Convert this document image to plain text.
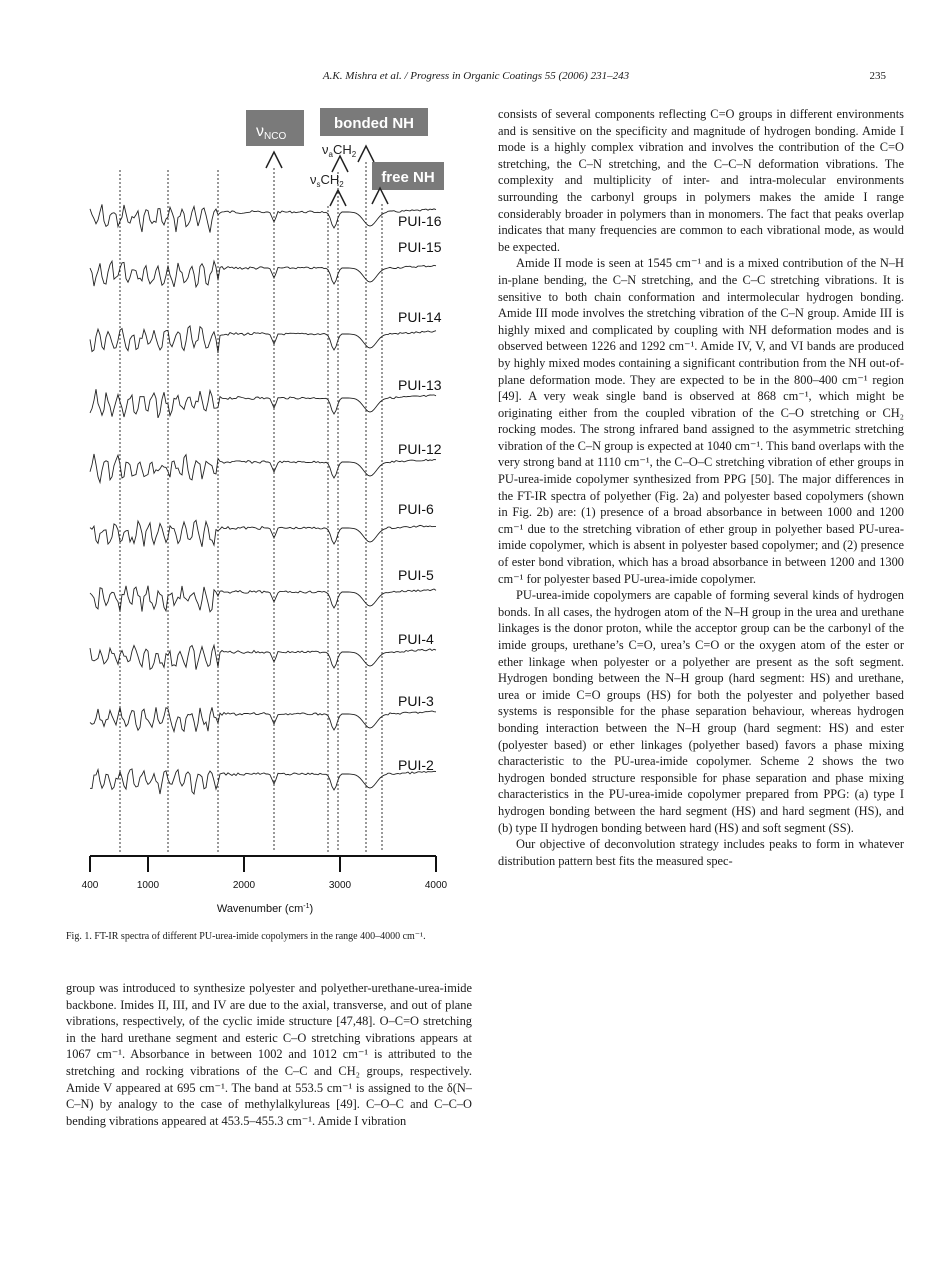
A.K. Mishra et al. / Progress in Organic Coatings 55 (2006) 231–243	235
νNCO
bonded NH
free NH
$\nu_aCH_2$
$\nu_sCH_2$
PUI-16
PUI-15
PUI-14
PUI-13
PUI-12
PUI-6
PUI-5
PUI-4
PUI-3
PUI-2
400	1000	2000	3000	4000
Wavenumber $(cm^{-1})$
Fig. 1. FT-IR spectra of different PU-urea-imide copolymers in the range 400–4000 cm⁻¹.

group was introduced to synthesize polyester and polyether-urethane-urea-imide backbone. Imides II, III, and IV are due to the axial, transverse, and out of plane vibrations, respectively, of the cyclic imide structure [47,48]. O–C=O stretching in the hard urethane segment and esteric C–O stretching vibrations appears at 1067 cm⁻¹. Absorbance in between 1002 and 1012 cm⁻¹ is attributed to the stretching and rocking vibrations of the C–C and CH₂ groups, respectively. Amide V appeared at 695 cm⁻¹. The band at 553.5 cm⁻¹ is assigned to the δ(N–C–N) by analogy to the case of methylalkylureas [49]. C–O–C and C–C–O bending vibrations appeared at 453.5–455.3 cm⁻¹. Amide I vibration

consists of several components reflecting C=O groups in different environments and is sensitive on the specificity and magnitude of hydrogen bonding. Amide I mode is a highly complex vibration and involves the contribution of the C=O stretching, the C–N stretching, and the C–C–N deformation vibrations. The complexity and multiplicity of inter- and intra-molecular environments surrounding the carbonyl groups in polymers makes the amide I range considerably broader in polymers than in monomers. The fact that peaks overlap indicates that many frequencies are common to each vibrational mode, as would be expected.

Amide II mode is seen at 1545 cm⁻¹ and is a mixed contribution of the N–H in-plane bending, the C–N stretching, and the C–C stretching vibrations. It is sensitive to both chain conformation and intermolecular hydrogen bonding. Amide III mode involves the stretching vibration of the C–N group. Amide III is highly mixed and complicated by coupling with NH deformation modes and is observed between 1226 and 1292 cm⁻¹. Amide IV, V, and VI bands are produced by highly mixed modes containing a significant contribution from the NH out-of-plane deformation mode. They are expected to be in the 800–400 cm⁻¹ region [49]. A very weak single band is observed at 868 cm⁻¹, which might be originating either from the coupled vibration of the C–O stretching or CH₂ rocking modes. The strong infrared band assigned to the asymmetric stretching vibration of the C–N group is expected at 1040 cm⁻¹. This band overlaps with the very strong band at 1110 cm⁻¹, the C–O–C stretching vibration of ether groups in PU-urea-imide copolymer synthesized from PPG [50]. The major differences in the FT-IR spectra of polyether (Fig. 2a) and polyester based copolymers (shown in Fig. 2b) are: (1) presence of a broad absorbance in between 1000 and 1200 cm⁻¹ due to the stretching vibration of ether group in polyether based PU-urea-imide copolymer, which is absent in polyester based copolymer; and (2) presence of ester bond vibration, which has a broad absorbance in between 1200 and 1300 cm⁻¹ for polyester based PU-urea-imide copolymer.

PU-urea-imide copolymers are capable of forming several kinds of hydrogen bonds. In all cases, the hydrogen atom of the N–H group in the urea and urethane linkages is the donor proton, while the acceptor group can be the carbonyl of the imide groups, urethane’s C=O, urea’s C=O or the oxygen atom of the ester or ether linkage when polyester or a polyether are present as the soft segment. Hydrogen bonding between the N–H group (hard segment: HS) and urethane, urea or imide C=O groups (HS) for both the polyester and polyether based systems is responsible for the phase separation behaviour, whereas hydrogen bonding interaction between the N–H group (hard segment: HS) and ester (polyester based) or ether linkages (polyether based) favors a phase mixing characteristic to the PU-urea-imide copolymer. Scheme 2 shows the two hydrogen bonded structure responsible for phase separation and phase mixing characteristics in the PU-urea-imide copolymer prepared from PPG: (a) type I hydrogen bonding between the hard segment (HS) and hard segment (HS), and (b) type II hydrogen bonding between hard (HS) and soft segment (SS).

Our objective of deconvolution strategy includes peaks to form in whatever distribution pattern best fits the measured spec-
